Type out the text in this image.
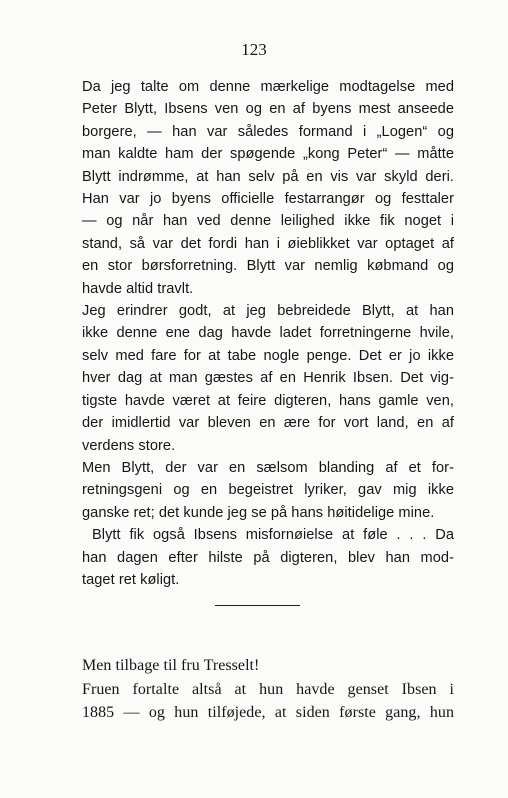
123

Da jeg talte om denne mærkelige modtagelse med
Peter Blytt, Ibsens ven og en af byens mest anseede
borgere, — han var således formand i „Logen“ og
man kaldte ham der spøgende „kong Peter“ — måtte
Blytt indrømme, at han selv på en vis var skyld deri.
Han var jo byens officielle festarrangør og festtaler
— og når han ved denne leilighed ikke fik noget i
stand, så var det fordi han i øieblikket var optaget af
en stor børsforretning. Blytt var nemlig købmand og
havde altid travlt.

Jeg erindrer godt, at jeg bebreidede Blytt, at han
ikke denne ene dag havde ladet forretningerne hvile,
selv med fare for at tabe nogle penge. Det er jo ikke
hver dag at man gæstes af en Henrik Ibsen. Det vig-
tigste havde været at feire digteren, hans gamle ven,
der imidlertid var bleven en ære for vort land, en af
verdens store.

Men Blytt, der var en sælsom blanding af et for-
retningsgeni og en begeistret lyriker, gav mig ikke
ganske ret; det kunde jeg se på hans høitidelige mine.

Blytt fik også Ibsens misfornøielse at føle . . . Da
han dagen efter hilste på digteren, blev han mod-
taget ret køligt.

Men tilbage til fru Tresselt!

Fruen fortalte altså at hun havde genset Ibsen i
1885 — og hun tilføjede, at siden første gang, hun
